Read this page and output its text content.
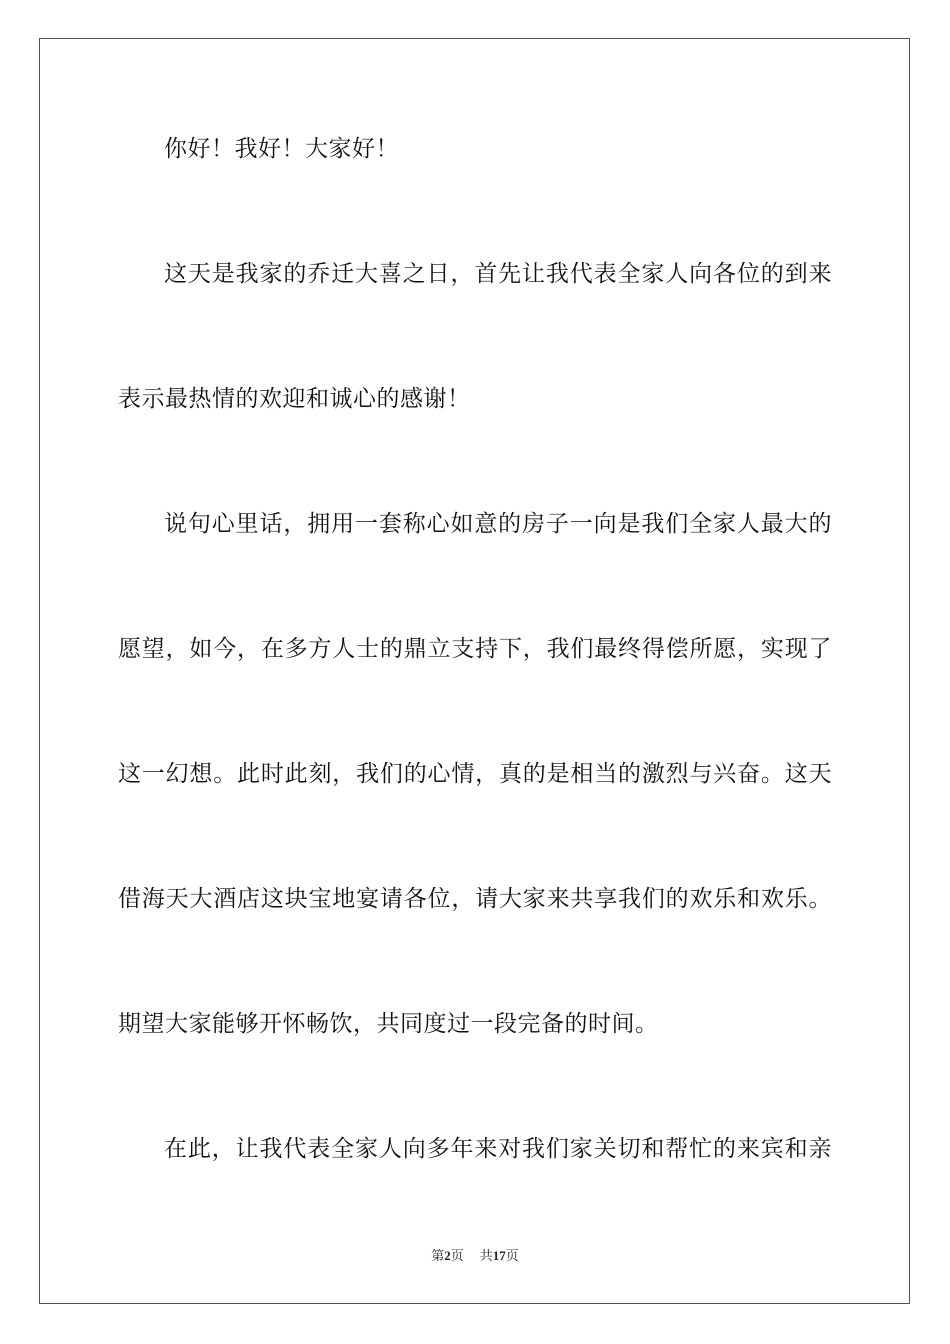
你好！我好！大家好！
这天是我家的乔迁大喜之日，首先让我代表全家人向各位的到来
表示最热情的欢迎和诚心的感谢！
说句心里话，拥用一套称心如意的房子一向是我们全家人最大的
愿望，如今，在多方人士的鼎立支持下，我们最终得偿所愿，实现了
这一幻想。此时此刻，我们的心情，真的是相当的激烈与兴奋。这天
借海天大酒店这块宝地宴请各位，请大家来共享我们的欢乐和欢乐。
期望大家能够开怀畅饮，共同度过一段完备的时间。
在此，让我代表全家人向多年来对我们家关切和帮忙的来宾和亲
第2页 共17页
